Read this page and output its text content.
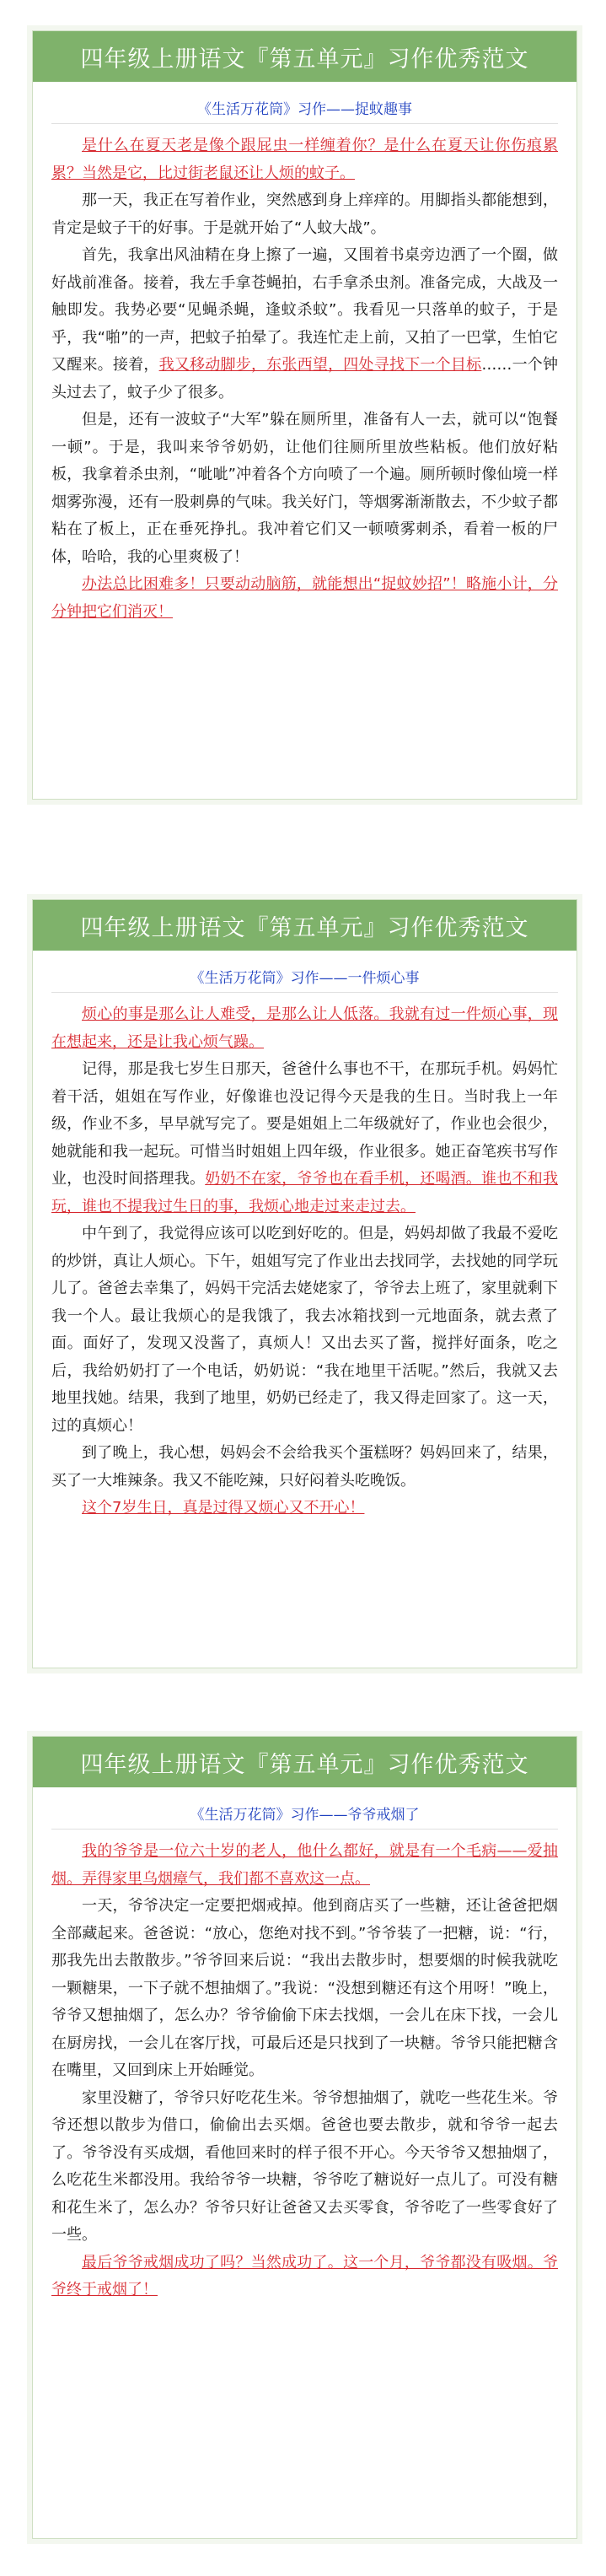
四年级上册语文『第五单元』习作优秀范文
《生活万花筒》习作——捉蚊趣事

是什么在夏天老是像个跟屁虫一样缠着你？是什么在夏天让你伤痕累累？当然是它，比过街老鼠还让人烦的蚊子。

那一天，我正在写着作业，突然感到身上痒痒的。用脚指头都能想到，肯定是蚊子干的好事。于是就开始了“人蚊大战”。

首先，我拿出风油精在身上擦了一遍，又围着书桌旁边洒了一个圈，做好战前准备。接着，我左手拿苍蝇拍，右手拿杀虫剂。准备完成，大战及一触即发。我势必要“见蝇杀蝇，逢蚊杀蚊”。我看见一只落单的蚊子，于是乎，我“啪”的一声，把蚊子拍晕了。我连忙走上前，又拍了一巴掌，生怕它又醒来。接着，我又移动脚步，东张西望，四处寻找下一个目标……一个钟头过去了，蚊子少了很多。

但是，还有一波蚊子“大军”躲在厕所里，准备有人一去，就可以“饱餐一顿”。于是，我叫来爷爷奶奶，让他们往厕所里放些粘板。他们放好粘板，我拿着杀虫剂，“呲呲”冲着各个方向喷了一个遍。厕所顿时像仙境一样烟雾弥漫，还有一股刺鼻的气味。我关好门，等烟雾渐渐散去，不少蚊子都粘在了板上，正在垂死挣扎。我冲着它们又一顿喷雾刺杀，看着一板的尸体，哈哈，我的心里爽极了！

办法总比困难多！只要动动脑筋，就能想出“捉蚊妙招”！略施小计，分分钟把它们消灭！

四年级上册语文『第五单元』习作优秀范文
《生活万花筒》习作——一件烦心事

烦心的事是那么让人难受，是那么让人低落。我就有过一件烦心事，现在想起来，还是让我心烦气躁。

记得，那是我七岁生日那天，爸爸什么事也不干，在那玩手机。妈妈忙着干活，姐姐在写作业，好像谁也没记得今天是我的生日。当时我上一年级，作业不多，早早就写完了。要是姐姐上二年级就好了，作业也会很少，她就能和我一起玩。可惜当时姐姐上四年级，作业很多。她正奋笔疾书写作业，也没时间搭理我。奶奶不在家，爷爷也在看手机，还喝酒。谁也不和我玩，谁也不提我过生日的事，我烦心地走过来走过去。

中午到了，我觉得应该可以吃到好吃的。但是，妈妈却做了我最不爱吃的炒饼，真让人烦心。下午，姐姐写完了作业出去找同学，去找她的同学玩儿了。爸爸去幸集了，妈妈干完活去姥姥家了，爷爷去上班了，家里就剩下我一个人。最让我烦心的是我饿了，我去冰箱找到一元地面条，就去煮了面。面好了，发现又没酱了，真烦人！又出去买了酱，搅拌好面条，吃之后，我给奶奶打了一个电话，奶奶说：“我在地里干活呢。”然后，我就又去地里找她。结果，我到了地里，奶奶已经走了，我又得走回家了。这一天，过的真烦心！

到了晚上，我心想，妈妈会不会给我买个蛋糕呀？妈妈回来了，结果，买了一大堆辣条。我又不能吃辣，只好闷着头吃晚饭。

这个7岁生日，真是过得又烦心又不开心！

四年级上册语文『第五单元』习作优秀范文
《生活万花筒》习作——爷爷戒烟了

我的爷爷是一位六十岁的老人，他什么都好，就是有一个毛病——爱抽烟。弄得家里乌烟瘴气，我们都不喜欢这一点。

一天，爷爷决定一定要把烟戒掉。他到商店买了一些糖，还让爸爸把烟全部藏起来。爸爸说：“放心，您绝对找不到。”爷爷装了一把糖，说：“行，那我先出去散散步。”爷爷回来后说：“我出去散步时，想要烟的时候我就吃一颗糖果，一下子就不想抽烟了。”我说：“没想到糖还有这个用呀！”晚上，爷爷又想抽烟了，怎么办？爷爷偷偷下床去找烟，一会儿在床下找，一会儿在厨房找，一会儿在客厅找，可最后还是只找到了一块糖。爷爷只能把糖含在嘴里，又回到床上开始睡觉。

家里没糖了，爷爷只好吃花生米。爷爷想抽烟了，就吃一些花生米。爷爷还想以散步为借口，偷偷出去买烟。爸爸也要去散步，就和爷爷一起去了。爷爷没有买成烟，看他回来时的样子很不开心。今天爷爷又想抽烟了，么吃花生米都没用。我给爷爷一块糖，爷爷吃了糖说好一点儿了。可没有糖和花生米了，怎么办？爷爷只好让爸爸又去买零食，爷爷吃了一些零食好了一些。

最后爷爷戒烟成功了吗？当然成功了。这一个月，爷爷都没有吸烟。爷爷终于戒烟了！
